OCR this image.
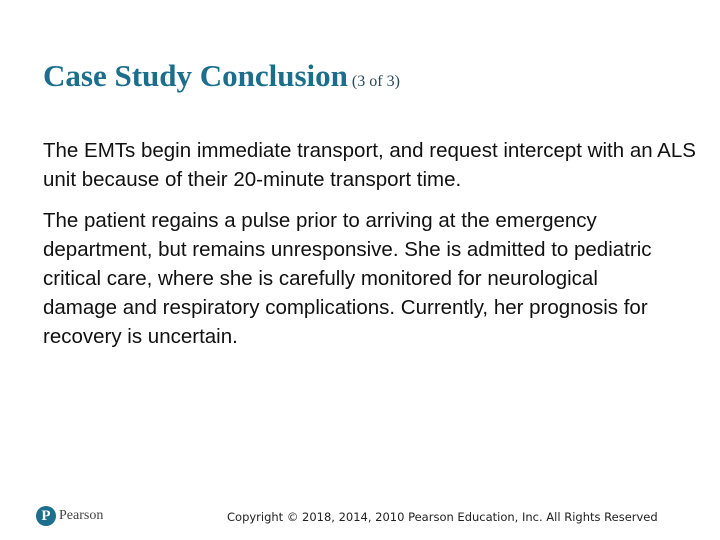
Case Study Conclusion (3 of 3)

The EMTs begin immediate transport, and request intercept with an ALS unit because of their 20-minute transport time.

The patient regains a pulse prior to arriving at the emergency department, but remains unresponsive. She is admitted to pediatric critical care, where she is carefully monitored for neurological damage and respiratory complications. Currently, her prognosis for recovery is uncertain.

P Pearson	Copyright © 2018, 2014, 2010 Pearson Education, Inc. All Rights Reserved
